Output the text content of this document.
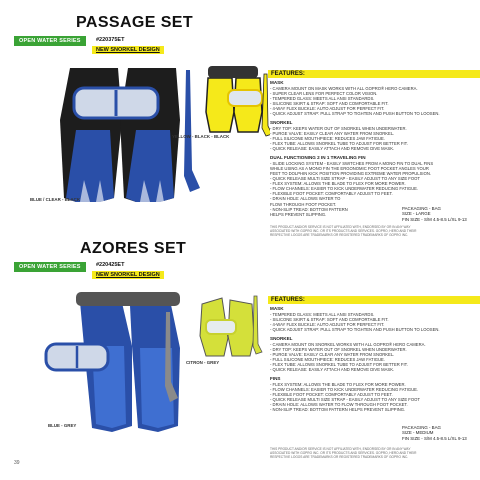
PASSAGE SET
OPEN WATER SERIES	#220375ET
NEW SNORKEL DESIGN
BLUE / CLEAR - BLACK
YELLOW - BLACK - BLACK
FEATURES:
MASK
- CAMERA MOUNT ON MASK WORKS WITH ALL GOPRO® HERO CAMERA.
- SUPER CLEAR LENS FOR PERFECT COLOR VISION.
- TEMPERED GLASS: MEETS ALL ANSI STANDARDS.
- SILICONE SKIRT & STRAP: SOFT AND COMFORTABLE FIT.
- 4-WAY FLEX BUCKLE: AUTO ADJUST FOR PERFECT FIT.
- QUICK ADJUST STRAP: PULL STRAP TO TIGHTEN AND PUSH BUTTON TO LOOSEN.
SNORKEL
- DRY TOP: KEEPS WATER OUT OF SNORKEL WHEN UNDERWATER.
- PURGE VALVE: EASILY CLEAR ANY WATER FROM SNORKEL.
- FULL SILICONE MOUTHPIECE: REDUCES JAW FATIGUE.
- FLEX TUBE: ALLOWS SNORKEL TUBE TO ADJUST FOR BETTER FIT.
- QUICK RELEASE: EASILY ATTACH AND REMOVE DIVE MASK.
DUAL FUNCTIONING 2 IN 1 TRAVELING FIN
- SLIDE LOCKING SYSTEM - EASILY SWITCHES FROM A MONO FIN TO DUAL FINS
WHILE USING AS A MONO FIN THE ERGONOMIC FOOT POCKET ANGLES YOUR
FEET TO DOLPHIN KICK POSITION PROVIDING EXTREME WATER PROPULSION.
- QUICK RELEASE MULTI SIZE STRAP - EASILY ADJUST TO ANY SIZE FOOT
- FLEX SYSTEM: ALLOWS THE BLADE TO FLEX FOR MORE POWER.
- FLOW CHANNELS: EASIER TO KICK UNDERWATER REDUCING FATIGUE.
- FLEXIBLE FOOT POCKET: COMFORTABLY ADJUST TO FEET.
- DRAIN HOLE: ALLOWS WATER TO
FLOW THROUGH FOOT POCKET.
- NON-SLIP TREAD: BOTTOM PATTERN
HELPS PREVENT SLIPPING.
PACKAGING - BAG
SIZE - LARGE
FIN SIZE - S/M 4.5-8.5 L/XL 9-13
THIS PRODUCT AND/OR SERVICE IS NOT AFFILIATED WITH, ENDORSED BY OR IN ANY WAY ASSOCIATED WITH GOPRO INC. OR ITS PRODUCTS AND SERVICES. GOPRO, HERO AND THEIR RESPECTIVE LOGOS ARE TRADEMARKS OR REGISTERED TRADEMARKS OF GOPRO INC.
AZORES SET
OPEN WATER SERIES	#220425ET
NEW SNORKEL DESIGN
BLUE - GREY
CITRON - GREY
FEATURES:
MASK
- TEMPERED GLASS: MEETS ALL ANSI STANDARDS.
- SILICONE SKIRT & STRAP: SOFT AND COMFORTABLE FIT.
- 4-WAY FLEX BUCKLE: AUTO ADJUST FOR PERFECT FIT.
- QUICK ADJUST STRAP: PULL STRAP TO TIGHTEN AND PUSH BUTTON TO LOOSEN.
SNORKEL
- CAMERA MOUNT ON SNORKEL WORKS WITH ALL GOPRO® HERO CAMERA.
- DRY TOP: KEEPS WATER OUT OF SNORKEL WHEN UNDERWATER.
- PURGE VALVE: EASILY CLEAR ANY WATER FROM SNORKEL.
- FULL SILICONE MOUTHPIECE: REDUCES JAW FATIGUE.
- FLEX TUBE: ALLOWS SNORKEL TUBE TO ADJUST FOR BETTER FIT.
- QUICK RELEASE: EASILY ATTACH AND REMOVE DIVE MASK.
FINS
- FLEX SYSTEM: ALLOWS THE BLADE TO FLEX FOR MORE POWER.
- FLOW CHANNELS: EASIER TO KICK UNDERWATER REDUCING FATIGUE.
- FLEXIBLE FOOT POCKET: COMFORTABLY ADJUST TO FEET.
- QUICK RELEASE MULTI SIZE STRAP - EASILY ADJUST TO ANY SIZE FOOT
- DRAIN HOLE: ALLOWS WATER TO FLOW THROUGH FOOT POCKET.
- NON-SLIP TREAD: BOTTOM PATTERN HELPS PREVENT SLIPPING.
PACKAGING - BAG
SIZE - MEDIUM
FIN SIZE - S/M 4.5-8.5 L/XL 9-13
THIS PRODUCT AND/OR SERVICE IS NOT AFFILIATED WITH, ENDORSED BY OR IN ANY WAY ASSOCIATED WITH GOPRO INC. OR ITS PRODUCTS AND SERVICES. GOPRO, HERO AND THEIR RESPECTIVE LOGOS ARE TRADEMARKS OR REGISTERED TRADEMARKS OF GOPRO INC.
39
